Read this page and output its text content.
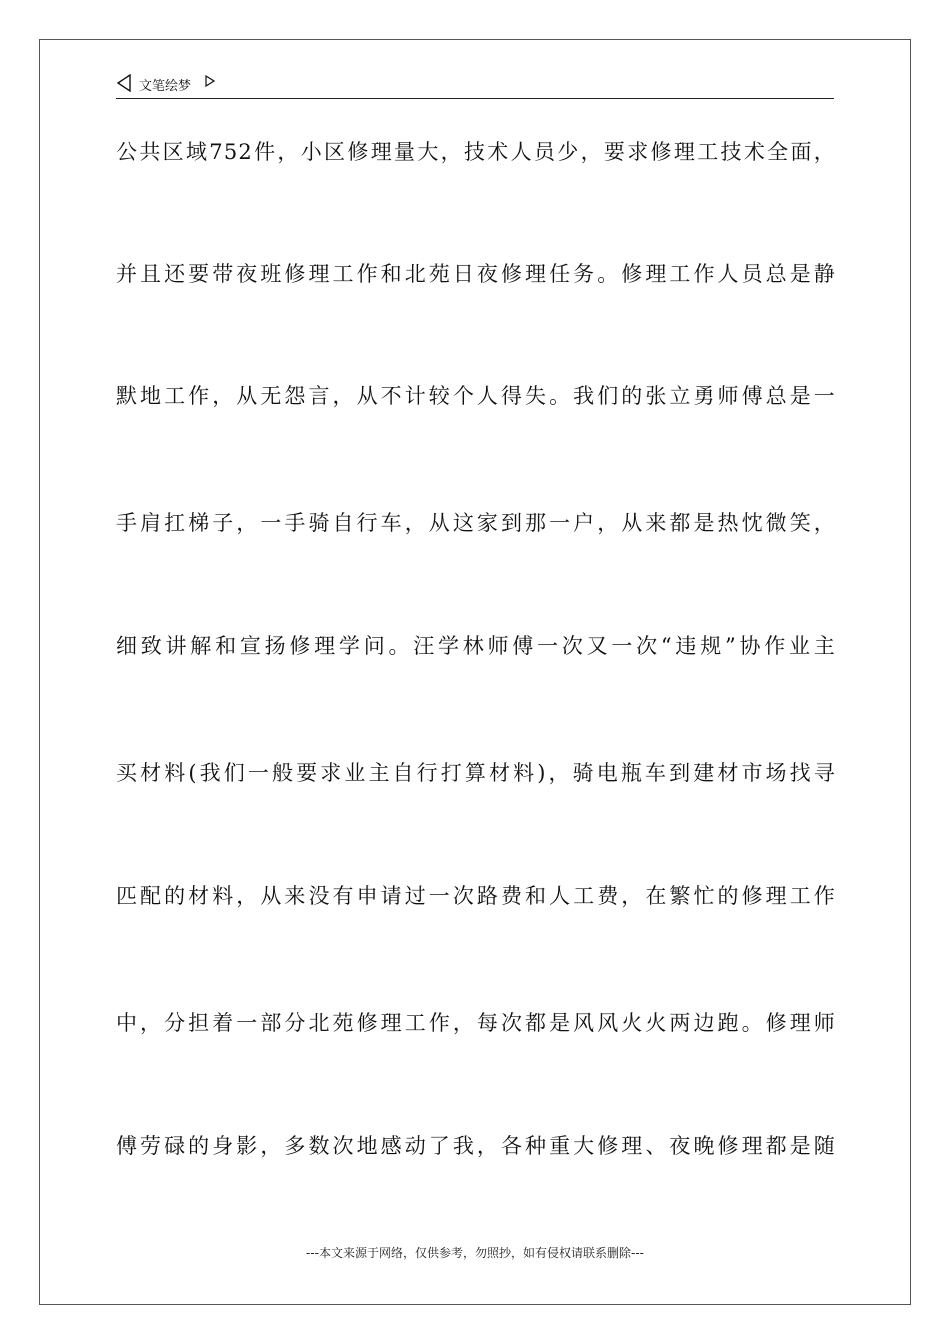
文笔绘梦
公共区域752件，小区修理量大，技术人员少，要求修理工技术全面，
并且还要带夜班修理工作和北苑日夜修理任务。修理工作人员总是静
默地工作，从无怨言，从不计较个人得失。我们的张立勇师傅总是一
手肩扛梯子，一手骑自行车，从这家到那一户，从来都是热忱微笑，
细致讲解和宣扬修理学问。汪学林师傅一次又一次“违规”协作业主
买材料(我们一般要求业主自行打算材料)，骑电瓶车到建材市场找寻
匹配的材料，从来没有申请过一次路费和人工费，在繁忙的修理工作
中，分担着一部分北苑修理工作，每次都是风风火火两边跑。修理师
傅劳碌的身影，多数次地感动了我，各种重大修理、夜晚修理都是随
---本文来源于网络，仅供参考，勿照抄，如有侵权请联系删除---
